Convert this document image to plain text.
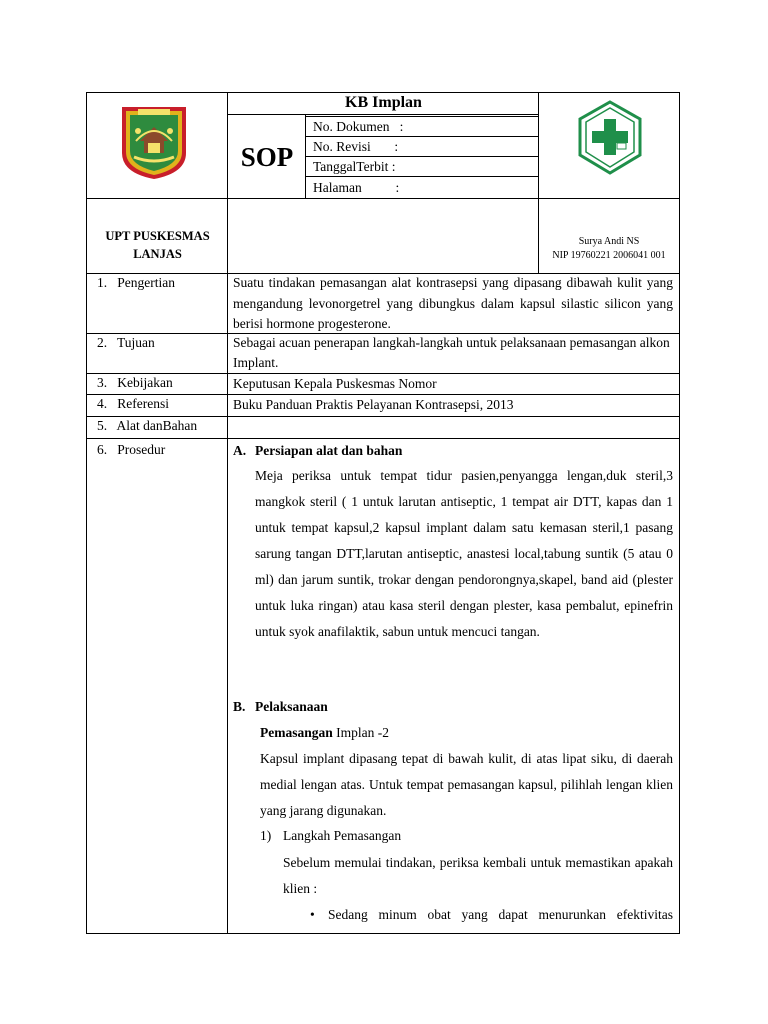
KB Implan
SOP
No. Dokumen   :
No. Revisi       :
TanggalTerbit :
Halaman          :
UPT PUSKESMAS
LANJAS
Surya Andi NS
NIP 19760221 2006041 001
1.   Pengertian
2.   Tujuan
3.   Kebijakan
4.   Referensi
5.   Alat danBahan
6.   Prosedur
Suatu tindakan pemasangan alat kontrasepsi yang dipasang dibawah kulit yang mengandung levonorgetrel yang dibungkus dalam kapsul silastic silicon yang berisi hormone progesterone.
Sebagai acuan penerapan langkah-langkah untuk pelaksanaan pemasangan alkon Implant.
Keputusan Kepala Puskesmas Nomor
Buku Panduan Praktis Pelayanan Kontrasepsi, 2013
A. Persiapan alat dan bahan
Meja periksa untuk tempat tidur pasien,penyangga lengan,duk steril,3 mangkok steril ( 1 untuk larutan antiseptic, 1 tempat air DTT, kapas dan 1 untuk tempat kapsul,2 kapsul implant dalam satu kemasan steril,1 pasang sarung tangan DTT,larutan antiseptic, anastesi local,tabung suntik (5 atau 0 ml) dan jarum suntik, trokar dengan pendorongnya,skapel, band aid (plester untuk luka ringan) atau kasa steril dengan plester, kasa pembalut, epinefrin untuk syok anafilaktik, sabun untuk mencuci tangan.
B. Pelaksanaan
Pemasangan Implan -2
Kapsul implant dipasang tepat di bawah kulit, di atas lipat siku, di daerah medial lengan atas. Untuk tempat pemasangan kapsul, pilihlah lengan klien yang jarang digunakan.
1) Langkah Pemasangan
Sebelum memulai tindakan, periksa kembali untuk memastikan apakah klien :
• Sedang minum obat yang dapat menurunkan efektivitas
